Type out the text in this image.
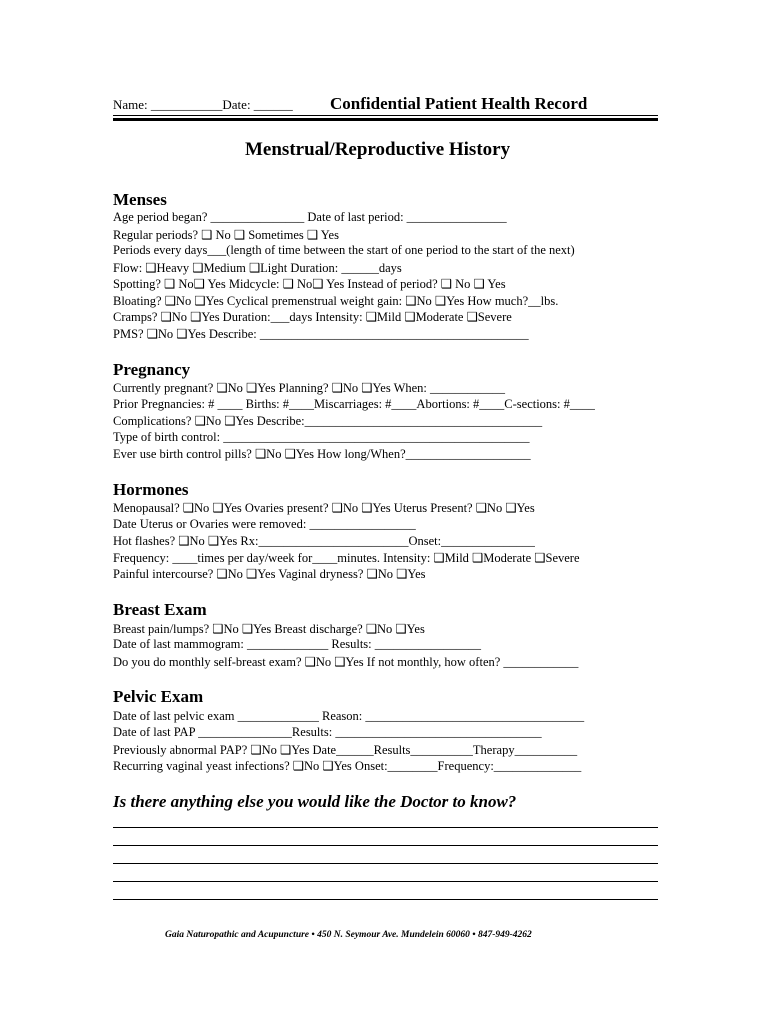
Name: ___________Date: ______ Confidential Patient Health Record
Menstrual/Reproductive History
Menses
Age period began? _______________ Date of last period: ________________
Regular periods? ❑ No ❑ Sometimes ❑ Yes
Periods every days___(length of time between the start of one period to the start of the next)
Flow: ❑Heavy ❑Medium ❑Light Duration: ______days
Spotting? ❑ No❑ Yes Midcycle: ❑ No❑ Yes Instead of period? ❑ No ❑ Yes
Bloating? ❑No ❑Yes Cyclical premenstrual weight gain: ❑No ❑Yes How much?__lbs.
Cramps? ❑No ❑Yes Duration:___days Intensity: ❑Mild ❑Moderate ❑Severe
PMS? ❑No ❑Yes Describe: ___________________________________________
Pregnancy
Currently pregnant? ❑No ❑Yes Planning? ❑No ❑Yes When: ____________
Prior Pregnancies: # ____ Births: #____Miscarriages: #____Abortions: #____C-sections: #____
Complications? ❑No ❑Yes Describe:______________________________________
Type of birth control: _________________________________________________
Ever use birth control pills? ❑No ❑Yes How long/When?____________________
Hormones
Menopausal? ❑No ❑Yes Ovaries present? ❑No ❑Yes Uterus Present? ❑No ❑Yes
Date Uterus or Ovaries were removed: _________________
Hot flashes? ❑No ❑Yes Rx:________________________Onset:_______________
Frequency: ____times per day/week for____minutes. Intensity: ❑Mild ❑Moderate ❑Severe
Painful intercourse? ❑No ❑Yes Vaginal dryness? ❑No ❑Yes
Breast Exam
Breast pain/lumps? ❑No ❑Yes Breast discharge? ❑No ❑Yes
Date of last mammogram: _____________ Results: _________________
Do you do monthly self-breast exam? ❑No ❑Yes If not monthly, how often? ____________
Pelvic Exam
Date of last pelvic exam _____________ Reason: ___________________________________
Date of last PAP _______________Results: _________________________________
Previously abnormal PAP? ❑No ❑Yes Date______Results__________Therapy__________
Recurring vaginal yeast infections? ❑No ❑Yes Onset:________Frequency:______________
Is there anything else you would like the Doctor to know?
Gaia Naturopathic and Acupuncture • 450 N. Seymour Ave. Mundelein 60060 • 847-949-4262
